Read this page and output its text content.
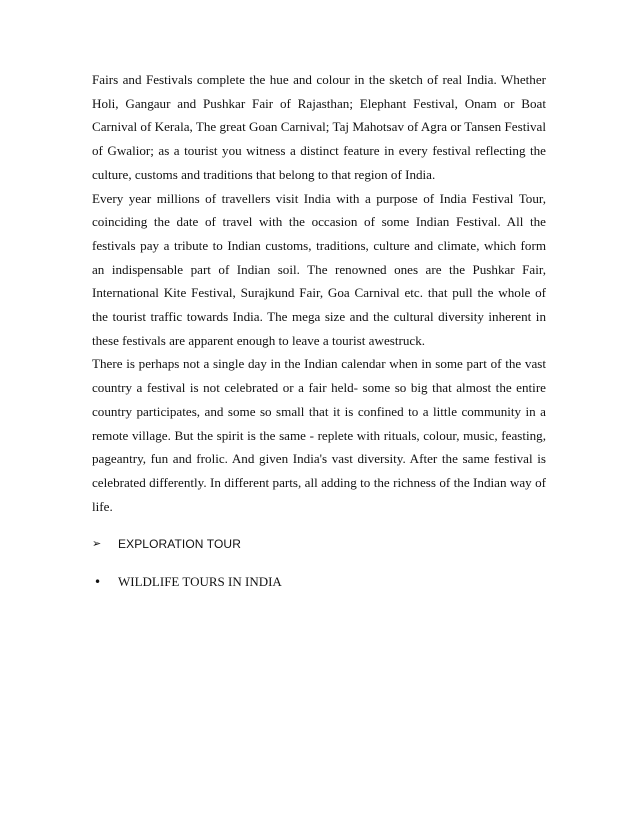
Fairs and Festivals complete the hue and colour in the sketch of real India. Whether Holi, Gangaur and Pushkar Fair of Rajasthan; Elephant Festival, Onam or Boat Carnival of Kerala, The great Goan Carnival; Taj Mahotsav of Agra or Tansen Festival of Gwalior; as a tourist you witness a distinct feature in every festival reflecting the culture, customs and traditions that belong to that region of India.

Every year millions of travellers visit India with a purpose of India Festival Tour, coinciding the date of travel with the occasion of some Indian Festival. All the festivals pay a tribute to Indian customs, traditions, culture and climate, which form an indispensable part of Indian soil. The renowned ones are the Pushkar Fair, International Kite Festival, Surajkund Fair, Goa Carnival etc. that pull the whole of the tourist traffic towards India. The mega size and the cultural diversity inherent in these festivals are apparent enough to leave a tourist awestruck.

There is perhaps not a single day in the Indian calendar when in some part of the vast country a festival is not celebrated or a fair held- some so big that almost the entire country participates, and some so small that it is confined to a little community in a remote village. But the spirit is the same - replete with rituals, colour, music, feasting, pageantry, fun and frolic. And given India's vast diversity. After the same festival is celebrated differently. In different parts, all adding to the richness of the Indian way of life.

➢	EXPLORATION TOUR
•	WILDLIFE TOURS IN INDIA
